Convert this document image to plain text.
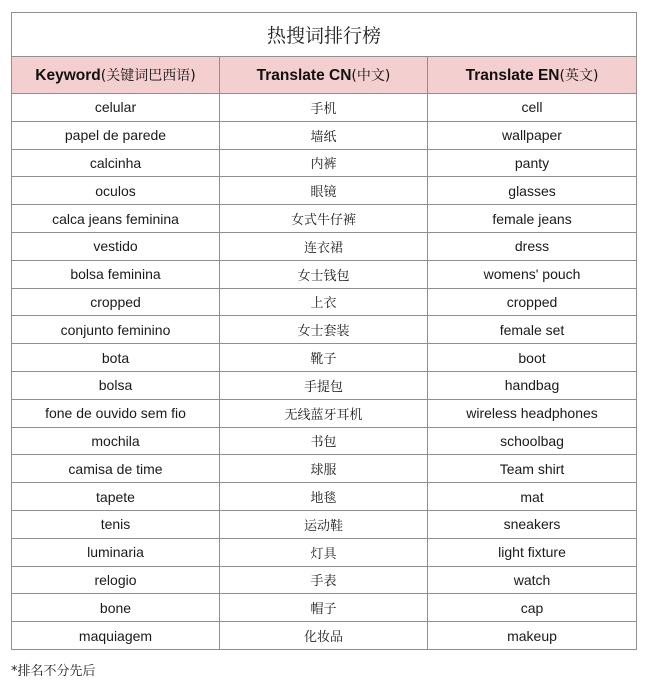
热搜词排行榜		
Keyword(关键词巴西语)	Translate CN(中文)	Translate EN(英文)
celular	手机	cell
papel de parede	墙纸	wallpaper
calcinha	内裤	panty
oculos	眼镜	glasses
calca jeans feminina	女式牛仔裤	female jeans
vestido	连衣裙	dress
bolsa feminina	女士钱包	womens' pouch
cropped	上衣	cropped
conjunto feminino	女士套装	female set
bota	靴子	boot
bolsa	手提包	handbag
fone de ouvido sem fio	无线蓝牙耳机	wireless headphones
mochila	书包	schoolbag
camisa de time	球服	Team shirt
tapete	地毯	mat
tenis	运动鞋	sneakers
luminaria	灯具	light fixture
relogio	手表	watch
bone	帽子	cap
maquiagem	化妆品	makeup
*排名不分先后
